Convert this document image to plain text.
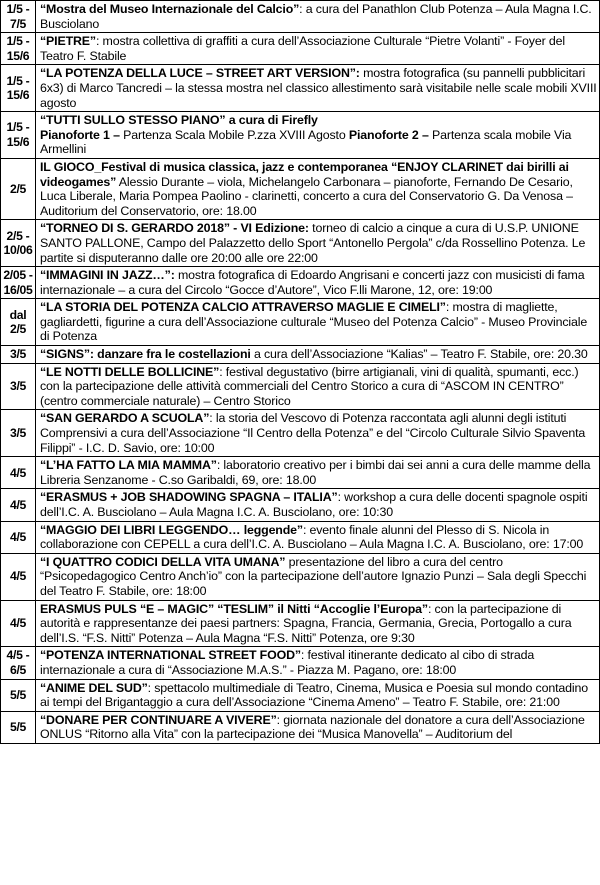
1/5 - 7/5	“Mostra del Museo Internazionale del Calcio”: a cura del Panathlon Club Potenza – Aula Magna I.C. Busciolano
1/5 - 15/6	“PIETRE”: mostra collettiva di graffiti a cura dell’Associazione Culturale “Pietre Volanti” - Foyer del Teatro F. Stabile
1/5 - 15/6	“LA POTENZA DELLA LUCE – STREET ART VERSION”: mostra fotografica (su pannelli pubblicitari 6x3) di Marco Tancredi – la stessa mostra nel classico allestimento sarà visitabile nelle scale mobili XVIII agosto
1/5 - 15/6	“TUTTI SULLO STESSO PIANO” a cura di Firefly
Pianoforte 1 – Partenza Scala Mobile P.zza XVIII Agosto Pianoforte 2 – Partenza scala mobile Via Armellini
2/5	IL GIOCO_Festival di musica classica, jazz e contemporanea “ENJOY CLARINET dai birilli ai videogames” Alessio Durante – viola, Michelangelo Carbonara – pianoforte, Fernando De Cesario, Luca Liberale, Maria Pompea Paolino - clarinetti, concerto a cura del Conservatorio G. Da Venosa – Auditorium del Conservatorio, ore: 18.00
2/5 - 10/06	“TORNEO DI S. GERARDO 2018” - VI Edizione: torneo di calcio a cinque a cura di U.S.P. UNIONE SANTO PALLONE, Campo del Palazzetto dello Sport “Antonello Pergola” c/da Rossellino Potenza. Le partite si disputeranno dalle ore 20:00 alle ore 22:00
2/05 - 16/05	“IMMAGINI IN JAZZ…”: mostra fotografica di Edoardo Angrisani e concerti jazz con musicisti di fama internazionale – a cura del Circolo “Gocce d’Autore”, Vico F.lli Marone, 12, ore: 19:00
dal 2/5	“LA STORIA DEL POTENZA CALCIO ATTRAVERSO MAGLIE E CIMELI”: mostra di magliette, gagliardetti, figurine a cura dell’Associazione culturale “Museo del Potenza Calcio” - Museo Provinciale di Potenza
3/5	“SIGNS”: danzare fra le costellazioni a cura dell’Associazione “Kalias” – Teatro F. Stabile, ore: 20.30
3/5	“LE NOTTI DELLE BOLLICINE”: festival degustativo (birre artigianali, vini di qualità, spumanti, ecc.) con la partecipazione delle attività commerciali del Centro Storico a cura di “ASCOM IN CENTRO” (centro commerciale naturale) – Centro Storico
3/5	“SAN GERARDO A SCUOLA”: la storia del Vescovo di Potenza raccontata agli alunni degli istituti Comprensivi a cura dell’Associazione “Il Centro della Potenza” e del “Circolo Culturale Silvio Spaventa Filippi” - I.C. D. Savio, ore: 10:00
4/5	“L’HA FATTO LA MIA MAMMA”: laboratorio creativo per i bimbi dai sei anni a cura delle mamme della Libreria Senzanome - C.so Garibaldi, 69, ore: 18.00
4/5	“ERASMUS + JOB SHADOWING SPAGNA – ITALIA”: workshop a cura delle docenti spagnole ospiti dell’I.C. A. Busciolano – Aula Magna I.C. A. Busciolano, ore: 10:30
4/5	“MAGGIO DEI LIBRI LEGGENDO… leggende”: evento finale alunni del Plesso di S. Nicola in collaborazione con CEPELL a cura dell’I.C. A. Busciolano – Aula Magna I.C. A. Busciolano, ore: 17:00
4/5	“I QUATTRO CODICI DELLA VITA UMANA” presentazione del libro a cura del centro “Psicopedagogico Centro Anch’io” con la partecipazione dell’autore Ignazio Punzi – Sala degli Specchi del Teatro F. Stabile, ore: 18:00
4/5	ERASMUS PULS “E – MAGIC” “TESLIM” il Nitti “Accoglie l’Europa”: con la partecipazione di autorità e rappresentanze dei paesi partners: Spagna, Francia, Germania, Grecia, Portogallo a cura dell’I.S. “F.S. Nitti” Potenza – Aula Magna “F.S. Nitti” Potenza, ore 9:30
4/5 - 6/5	“POTENZA INTERNATIONAL STREET FOOD”: festival itinerante dedicato al cibo di strada internazionale a cura di “Associazione M.A.S.” - Piazza M. Pagano, ore: 18:00
5/5	“ANIME DEL SUD”: spettacolo multimediale di Teatro, Cinema, Musica e Poesia sul mondo contadino ai tempi del Brigantaggio a cura dell’Associazione “Cinema Ameno” – Teatro F. Stabile, ore: 21:00
5/5	“DONARE PER CONTINUARE A VIVERE”: giornata nazionale del donatore a cura dell’Associazione ONLUS “Ritorno alla Vita” con la partecipazione dei “Musica Manovella” – Auditorium del
